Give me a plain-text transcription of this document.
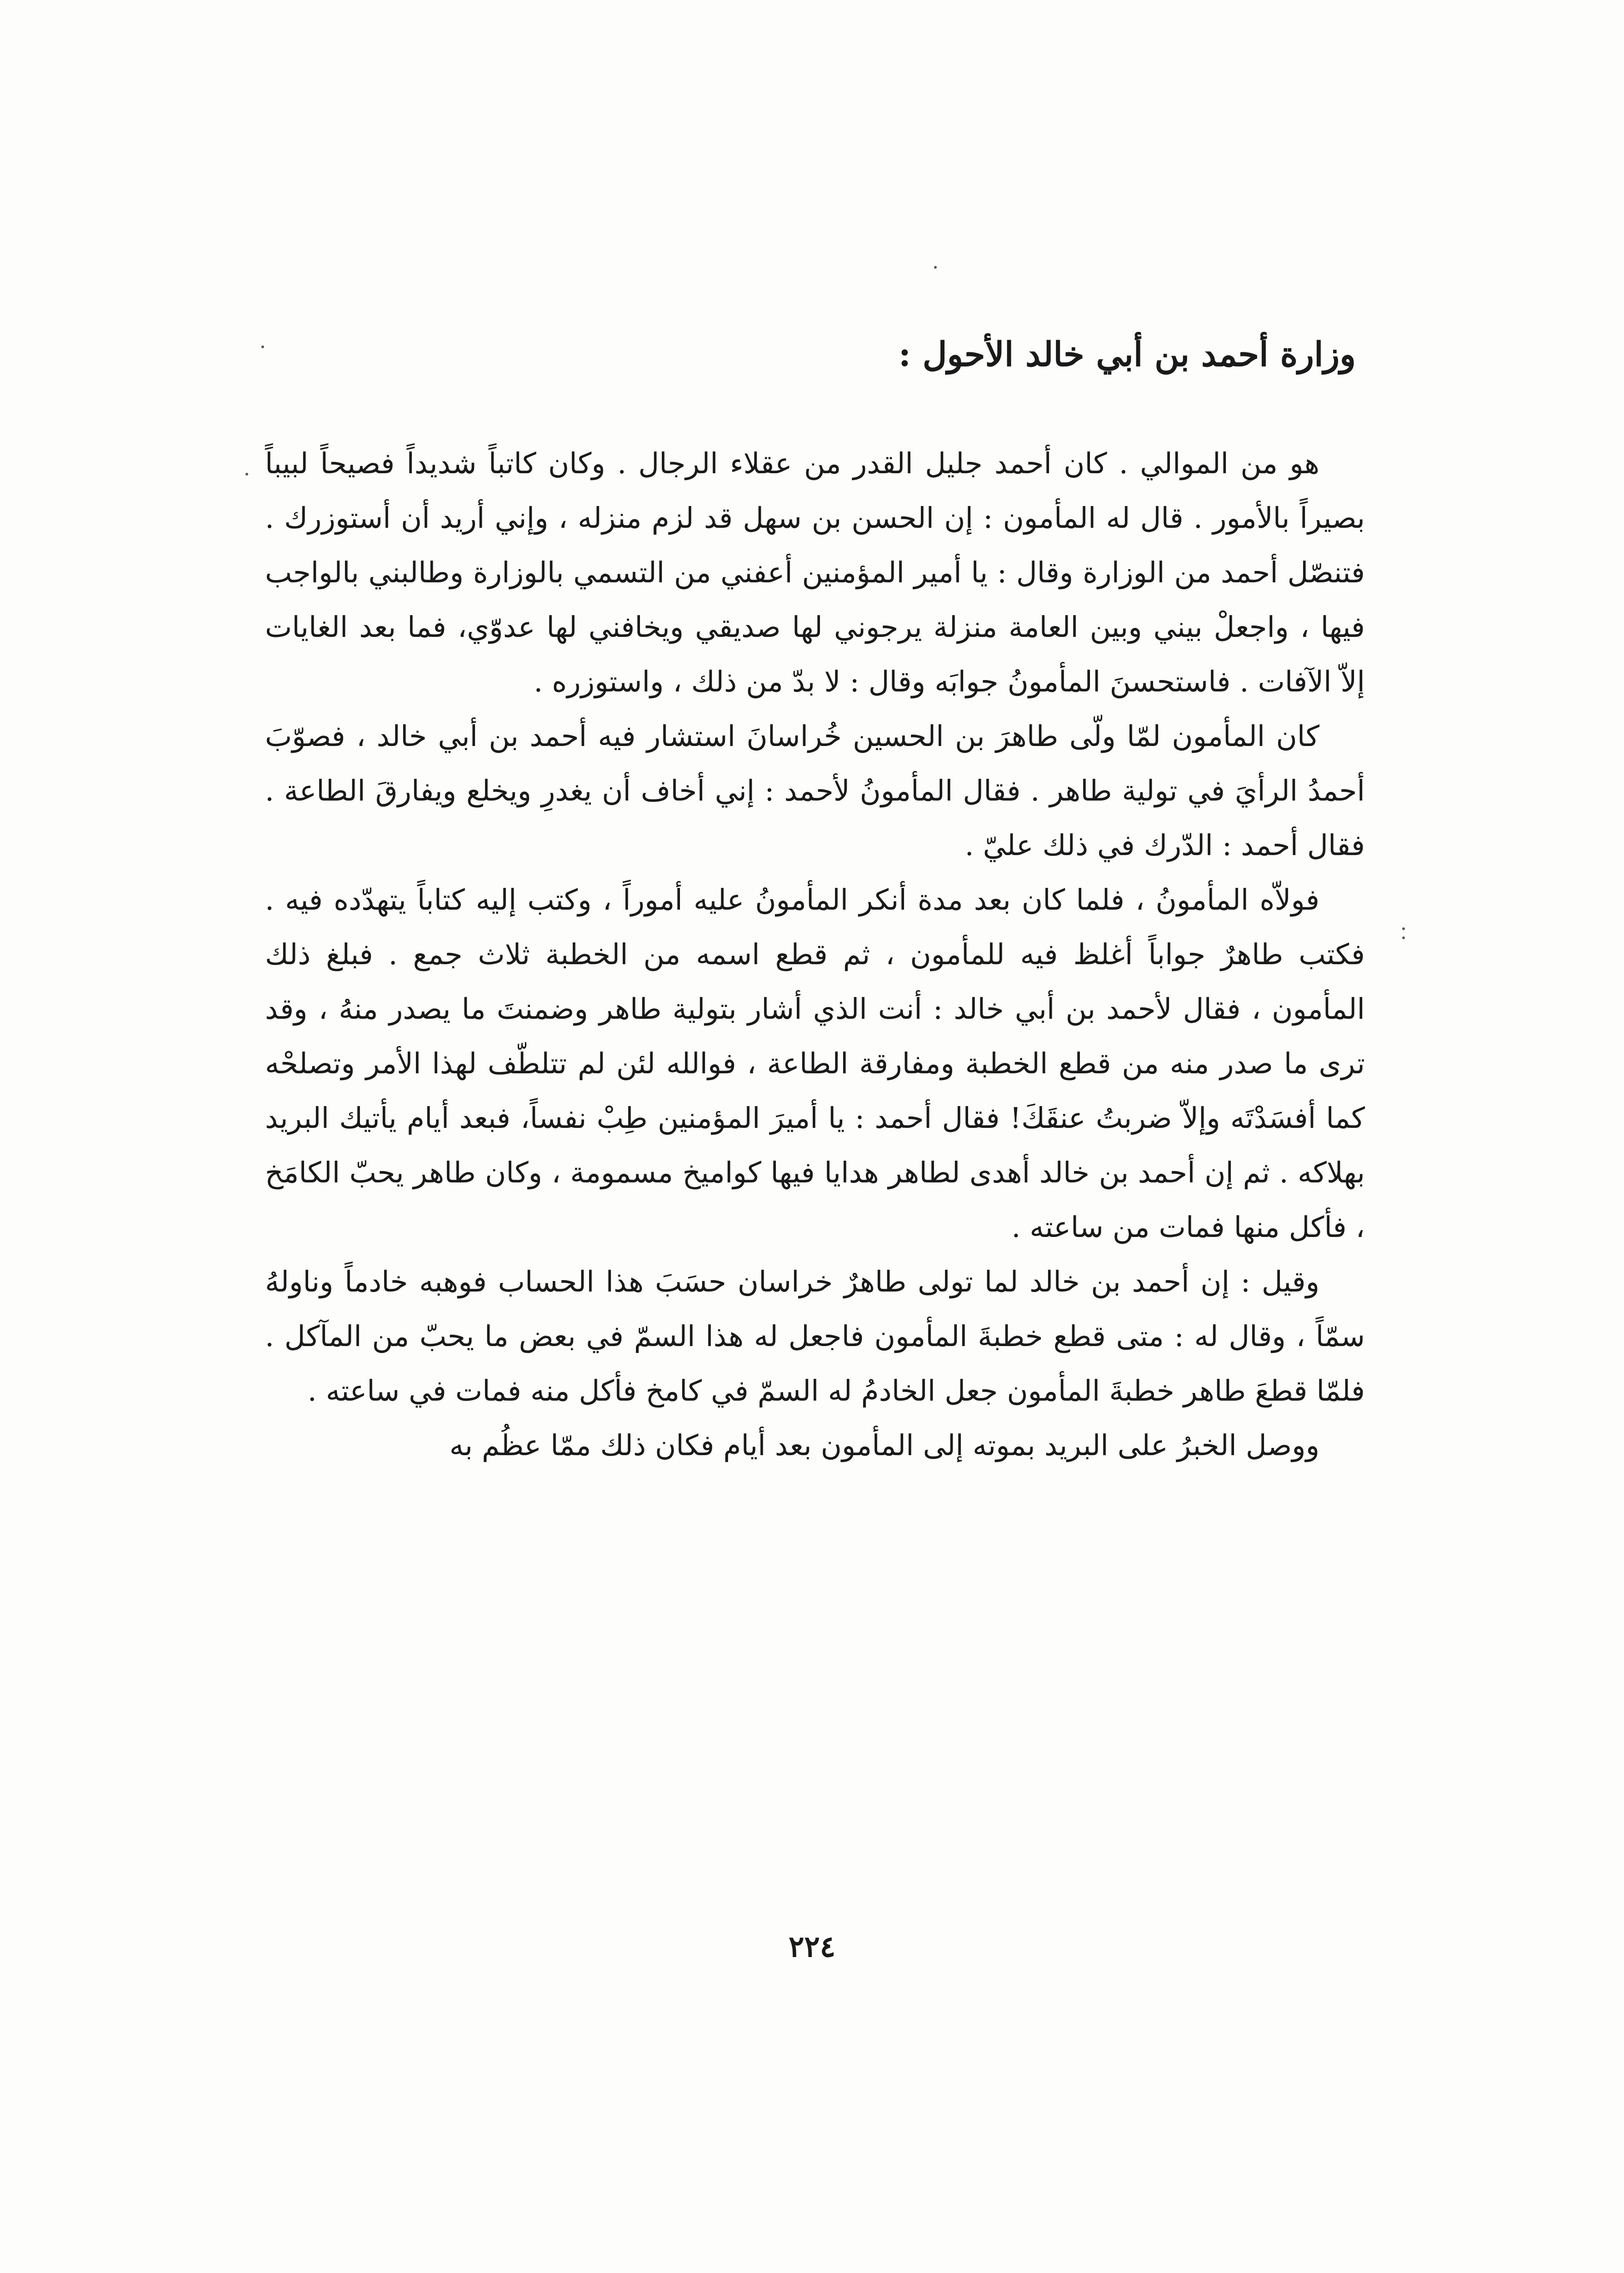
وزارة أحمد بن أبي خالد الأحول :

هو من الموالي . كان أحمد جليل القدر من عقلاء الرجال . وكان كاتباً شديداً فصيحاً لبيباً بصيراً بالأمور . قال له المأمون : إن الحسن بن سهل قد لزم منزله ، وإني أريد أن أستوزرك . فتنصّل أحمد من الوزارة وقال : يا أمير المؤمنين أعفني من التسمي بالوزارة وطالبني بالواجب فيها ، واجعلْ بيني وبين العامة منزلة يرجوني لها صديقي ويخافني لها عدوّي، فما بعد الغايات إلاّ الآفات . فاستحسنَ المأمونُ جوابَه وقال : لا بدّ من ذلك ، واستوزره .

كان المأمون لمّا ولّى طاهرَ بن الحسين خُراسانَ استشار فيه أحمد بن أبي خالد ، فصوّبَ أحمدُ الرأيَ في تولية طاهر . فقال المأمونُ لأحمد : إني أخاف أن يغدرِ ويخلع ويفارقَ الطاعة . فقال أحمد : الدّرك في ذلك عليّ .

فولاّه المأمونُ ، فلما كان بعد مدة أنكر المأمونُ عليه أموراً ، وكتب إليه كتاباً يتهدّده فيه . فكتب طاهرٌ جواباً أغلظ فيه للمأمون ، ثم قطع اسمه من الخطبة ثلاث جمع . فبلغ ذلك المأمون ، فقال لأحمد بن أبي خالد : أنت الذي أشار بتولية طاهر وضمنتَ ما يصدر منهُ ، وقد ترى ما صدر منه من قطع الخطبة ومفارقة الطاعة ، فوالله لئن لم تتلطّف لهذا الأمر وتصلحْه كما أفسَدْتَه وإلاّ ضربتُ عنقَكَ! فقال أحمد : يا أميرَ المؤمنين طِبْ نفساً، فبعد أيام يأتيك البريد بهلاكه . ثم إن أحمد بن خالد أهدى لطاهر هدايا فيها كواميخ مسمومة ، وكان طاهر يحبّ الكامَخ ، فأكل منها فمات من ساعته .

وقيل : إن أحمد بن خالد لما تولى طاهرٌ خراسان حسَبَ هذا الحساب فوهبه خادماً وناولهُ سمّاً ، وقال له : متى قطع خطبةَ المأمون فاجعل له هذا السمّ في بعض ما يحبّ من المآكل . فلمّا قطعَ طاهر خطبةَ المأمون جعل الخادمُ له السمّ في كامخ فأكل منه فمات في ساعته .

ووصل الخبرُ على البريد بموته إلى المأمون بعد أيام فكان ذلك ممّا عظُم به

٢٢٤
